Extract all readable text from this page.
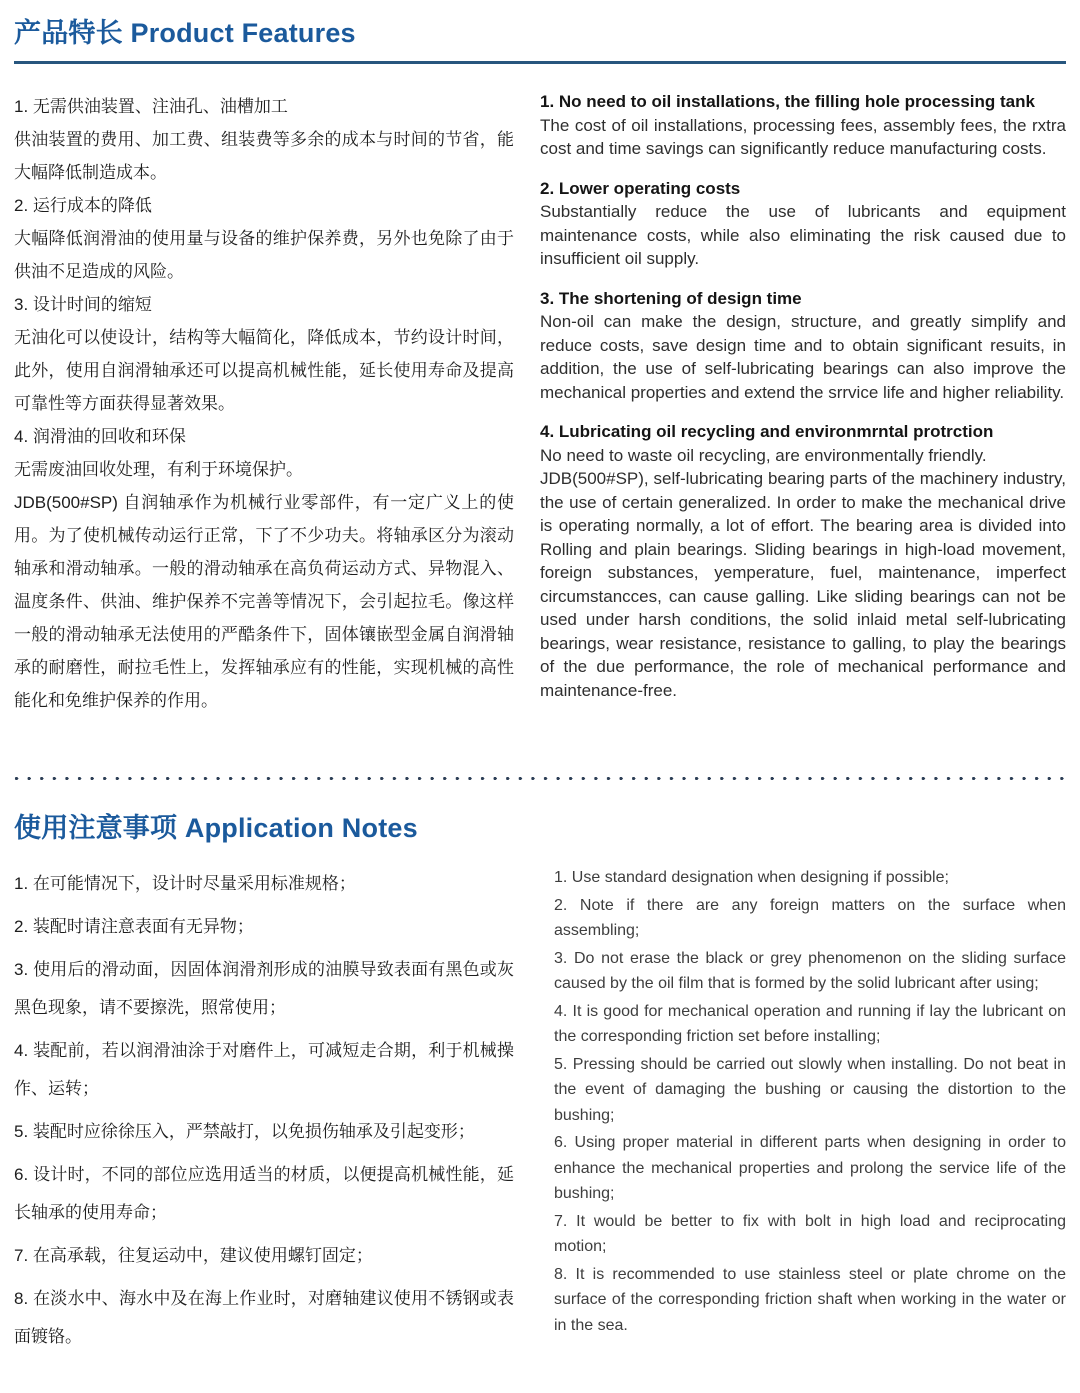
产品特长 Product Features

1. 无需供油装置、注油孔、油槽加工

供油装置的费用、加工费、组装费等多余的成本与时间的节省，能大幅降低制造成本。

2. 运行成本的降低

大幅降低润滑油的使用量与设备的维护保养费，另外也免除了由于供油不足造成的风险。

3. 设计时间的缩短

无油化可以使设计，结构等大幅简化，降低成本，节约设计时间，此外，使用自润滑轴承还可以提高机械性能，延长使用寿命及提高可靠性等方面获得显著效果。

4. 润滑油的回收和环保

无需废油回收处理，有利于环境保护。

JDB(500#SP) 自润轴承作为机械行业零部件，有一定广义上的使用。为了使机械传动运行正常，下了不少功夫。将轴承区分为滚动轴承和滑动轴承。一般的滑动轴承在高负荷运动方式、异物混入、温度条件、供油、维护保养不完善等情况下，会引起拉毛。像这样一般的滑动轴承无法使用的严酷条件下，固体镶嵌型金属自润滑轴承的耐磨性，耐拉毛性上，发挥轴承应有的性能，实现机械的高性能化和免维护保养的作用。

1. No need to oil installations, the filling hole processing tank

The cost of oil installations, processing fees, assembly fees, the rxtra cost and time savings can significantly reduce manufacturing costs.

2. Lower operating costs

Substantially reduce the use of lubricants and equipment maintenance costs, while also eliminating the risk caused due to insufficient oil supply.

3. The shortening of design time

Non-oil can make the design, structure, and greatly simplify and reduce costs, save design time and to obtain significant resuits, in addition, the use of self-lubricating bearings can also improve the mechanical properties and extend the srrvice life and higher reliability.

4. Lubricating oil recycling and environmrntal protrction

No need to waste oil recycling, are environmentally friendly.

JDB(500#SP), self-lubricating bearing parts of the machinery industry, the use of certain generalized. In order to make the mechanical drive is operating normally, a lot of effort. The bearing area is divided into Rolling and plain bearings. Sliding bearings in high-load movement, foreign substances, yemperature, fuel, maintenance, imperfect circumstancces, can cause galling. Like sliding bearings can not be used under harsh conditions, the solid inlaid metal self-lubricating bearings, wear resistance, resistance to galling, to play the bearings of the due performance, the role of mechanical performance and maintenance-free.

使用注意事项 Application Notes

1. 在可能情况下，设计时尽量采用标准规格；

2. 装配时请注意表面有无异物；

3. 使用后的滑动面，因固体润滑剂形成的油膜导致表面有黑色或灰黑色现象，请不要擦洗，照常使用；

4. 装配前，若以润滑油涂于对磨件上，可减短走合期，利于机械操作、运转；

5. 装配时应徐徐压入，严禁敲打，以免损伤轴承及引起变形；

6. 设计时，不同的部位应选用适当的材质，以便提高机械性能，延长轴承的使用寿命；

7. 在高承载，往复运动中，建议使用螺钉固定；

8. 在淡水中、海水中及在海上作业时，对磨轴建议使用不锈钢或表面镀铬。

1. Use standard designation when designing if possible;

2. Note if there are any foreign matters on the surface when assembling;

3. Do not erase the black or grey phenomenon on the sliding surface caused by the oil film that is formed by the solid lubricant after using;

4. It is good for mechanical operation and running if lay the lubricant on the corresponding friction set before installing;

5. Pressing should be carried out slowly when installing. Do not beat in the event of damaging the bushing or causing the distortion to the bushing;

6. Using proper material in different parts when designing in order to enhance the mechanical properties and prolong the service life of the bushing;

7. It would be better to fix with bolt in high load and reciprocating motion;

8. It is recommended to use stainless steel or plate chrome on the surface of the corresponding friction shaft when working in the water or in the sea.
